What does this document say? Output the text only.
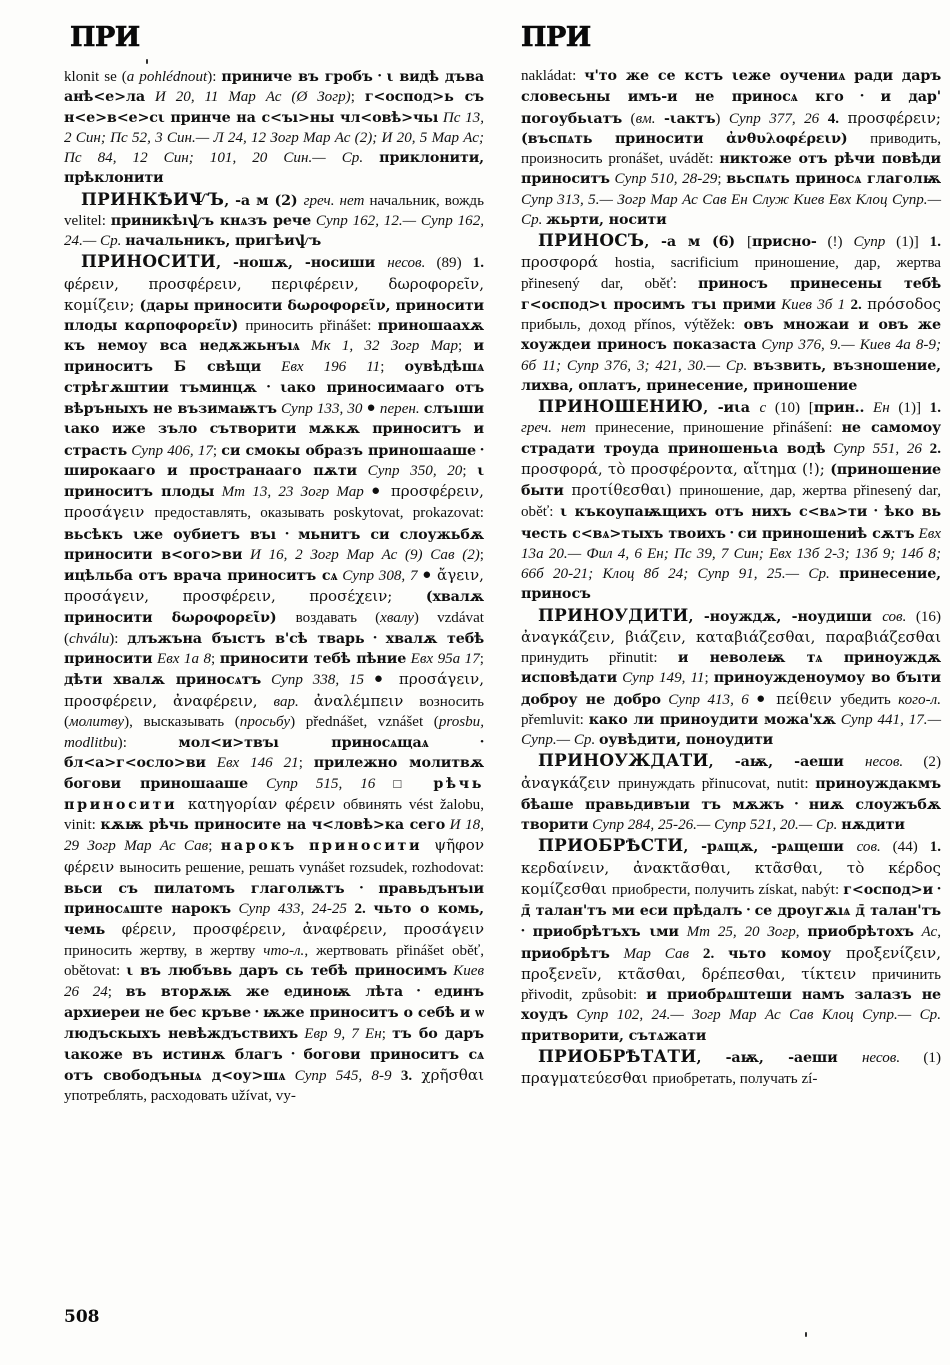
ПРИ	ПРИ

klonit se (a pohlédnout): приниче въ гробъ • ι видѣ дъва анѣ<е>ла И 20, 11 Мар Ас (Ø Зогр); г<оспод>ь съ н<е>в<е>сι принче на с<ъı>ны чл<овѣ>чьı Пс 13, 2 Син; Пс 52, 3 Син.— Л 24, 12 Зогр Мар Ас (2); И 20, 5 Мар Ас; Пс 84, 12 Син; 101, 20 Син.— Ср. приклонити, прѣклонити

ПРИНКѢИѰЪ, -а м (2) греч. нет начальник, вождь velitel: приникѣıѱъ кнѧзъ рече Супр 162, 12.— Супр 162, 24.— Ср. начальникъ, пригѣиѱъ

ПРИНОСИТИ, -ношѫ, -носиши несов. (89) 1. φέρειν, προσφέρειν, περιφέρειν, δωροφορεῖν, κομίζειν; (дары приносити δωροφορεῖν, приносити плоды καρποφορεῖν) приносить přinášet: приношаахѫ къ немоу вса недѫжьнъıѧ Мк 1, 32 Зогр Мар; и приноситъ Б свѣщи Евх 196 11; оувѣдѣшѧ стрѣгѫштии тъминцѫ • ιако приносимааго отъ вѣръныхъ не възимаѭтъ Супр 133, 30 ● перен. слъıши ιако иже зъло сътворити мѫкѫ приноситъ и страсть Супр 406, 17; си смокы образъ приношааше • широкааго и пространааго пѫти Супр 350, 20; ι приноситъ плоды Мт 13, 23 Зогр Мар ● προσφέρειν, προσάγειν предоставлять, оказывать poskytovat, prokazovat: вьсѣкъ ιже оубиетъ въı • мьнитъ си слоужьбѫ приносити в<ого>ви И 16, 2 Зогр Мар Ас (9) Сав (2); ицѣльба отъ врача приноситъ сѧ Супр 308, 7 ● ἄγειν, προσάγειν, προσφέρειν, προσέχειν; (хвалѫ приносити δωροφορεῖν) воздавать (хвалу) vzdávat (chválu): длъжъна бъıстъ в'сѣ тварь • хвалѫ тебѣ приносити Евх 1а 8; приносити тебѣ пѣние Евх 95а 17; дѣти хвалѫ приносѧтъ Супр 338, 15 ● προσάγειν, προσφέρειν, ἀναφέρειν, вар. ἀναλέμπειν возносить (молитву), высказывать (просьбу) přednášet, vznášet (prosbu, modlitbu): мол<и>твъı приносѧщаѧ	• бл<а>г<осло>ви Евх 146 21; прилежно молитвѫ богови приношааше Супр 515, 16 □ рѣчь приносити κατηγορίαν φέρειν обвинять vést žalobu, vinit: кѫѭ рѣчь приносите на ч<ловѣ>ка сего И 18, 29 Зогр Мар Ас Сав; нарокъ приносити ψῆφον φέρειν выносить решение, решать vynášet rozsudek, rozhodovat: вьси съ пилатомъ глаголѭтъ • правьдънъıи приносѧште нарокъ Супр 433, 24-25 2. чьто о комь, чемь φέρειν, προσφέρειν, ἀναφέρειν, προσάγειν приносить жертву, в жертву что-л., жертвовать přinášet oběť, obětovat: ι въ любъвь даръ сь тебѣ приносимъ Киев 26 24; въ вторѫѭ же единоѭ лѣта • единъ архиереи не бес кръве • ѭже приноситъ о себѣ и ѡ людъскыхъ невѣждъствихъ Евр 9, 7 Ен; тъ бо даръ ιакоже въ истинѫ благъ • богови приноситъ сѧ отъ свободъныѧ д<оу>шѧ Супр 545, 8-9 3. χρῆσθαι употреблять, расходовать užívat, vy-

nakládat: ч'то же се κстъ ιеже оучениѧ ради даръ словесьны имъ-и не приносѧ κго • и дар' погоубьιатъ (вм. -ιактъ) Супр 377, 26 4. προσφέρειν; (въспѧть приносити ἀνθυλοφέρειν) приводить, произносить pronášet, uvádět: никтоже отъ рѣчи повѣди приноситъ Супр 510, 28-29; вьспѧть приносѧ глаголѭ Супр 313, 5.— Зогр Мар Ас Сав Ен Служ Киев Евх Клоц Супр.— Ср. жьрти, носити

ПРИНОСЪ, -а м (6) [присно- (!) Супр (1)] 1. προσφορά hostia, sacrificium приношение, дар, жертва přinesený dar, oběť: приносъ принесены тебѣ г<оспод>ι просимъ тъı прими Киев 3б 1 2. πρόσοδος прибыль, доход přínos, výtěžek: овъ множаи и овъ же хоуждеи приносъ показаста Супр 376, 9.— Киев 4а 8-9; 6б 11; Супр 376, 3; 421, 30.— Ср. възвить, възношение, лихва, оплатъ, принесение, приношение

ПРИНОШЕНИЮ, -иιа с (10) [прин.. Ен (1)] 1. греч. нет принесение, приношение přinášení: не самомоу страдати троуда приношеньιа водѣ Супр 551, 26 2. προσφορά, τὸ προσφέροντα, αἴτημα (!); (приношение быти προτίθεσθαι) приношение, дар, жертва přinesený dar, oběť: ι къкоуπаѭщихъ отъ нихъ с<вѧ>ти • ѣко вь честь с<вѧ>тыхъ твоихъ • си приношениѣ сѫтъ Евх 13а 20.— Фил 4, 6 Ен; Пс 39, 7 Син; Евх 13б 2-3; 13б 9; 14б 8; 66б 20-21; Клоц 8б 24; Супр 91, 25.— Ср. принесение, приносъ

ПРИНОУДИТИ, -ноуждѫ, -ноудиши сов. (16) ἀναγκάζειν, βιάζειν, καταβιάζεσθαι, παραβιάζεσθαι принудить přinutit: и неволеѭ тѧ приноуждѫ исповѣдати Супр 149, 11; приноужденоумоу во бъıти доброу не добро Супр 413, 6 ● πείθειν убедить кого-л. přemluvit: како ли приноудити можа'хѫ Супр 441, 17.— Супр.— Ср. оувѣдити, поноудити

ПРИНОУЖДАТИ, -аѭ, -аеши несов. (2) ἀναγκάζειν принуждать přinucovat, nutit: приноуждаκмъ бѣаше правьдивъıи тъ мѫжъ • ниѫ слоужъбѫ творити Супр 284, 25-26.— Супр 521, 20.— Ср. нѫдити

ПРИОБРѢСТИ, -рѧщѫ, -рѧщеши сов. (44) 1. κερδαίνειν, ἀνακτᾶσθαι, κτᾶσθαι, τὸ κέρδος κομίζεσθαι приобрести, получить získat, nabýt: г<оспод>и • д̄ талан'тъ ми еси прѣдалъ • се дроугѫıѧ д̄ талан'тъ • приобрѣтъхъ ιми Мт 25, 20 Зогр, приобрѣтохъ Ас, приобрѣтъ Мар Сав 2. чьто комоу προξενίζειν, προξενεῖν, κτᾶσθαι, δρέπεσθαι, τίκτειν причинить přivodit, způsobit: и приобрѧштеши намъ залазъ не хоудъ Супр 102, 24.— Зогр Мар Ас Сав Клоц Супр.— Ср. притворити, сътѧжати

ПРИОБРѢТАТИ, -аѭ, -аеши несов. (1) πραγματεύεσθαι приобретать, получать zí-

508
